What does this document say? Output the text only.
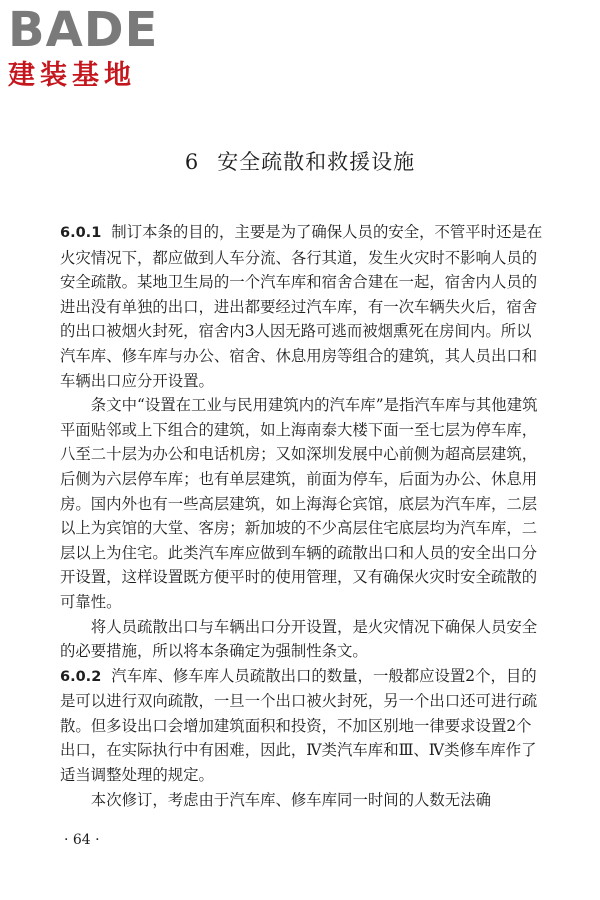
BADE
建装基地
6 安全疏散和救援设施

6.0.1 制订本条的目的，主要是为了确保人员的安全，不管平时还是在火灾情况下，都应做到人车分流、各行其道，发生火灾时不影响人员的安全疏散。某地卫生局的一个汽车库和宿舍合建在一起，宿舍内人员的进出没有单独的出口，进出都要经过汽车库，有一次车辆失火后，宿舍的出口被烟火封死，宿舍内3人因无路可逃而被烟熏死在房间内。所以汽车库、修车库与办公、宿舍、休息用房等组合的建筑，其人员出口和车辆出口应分开设置。

条文中“设置在工业与民用建筑内的汽车库”是指汽车库与其他建筑平面贴邻或上下组合的建筑，如上海南泰大楼下面一至七层为停车库，八至二十层为办公和电话机房；又如深圳发展中心前侧为超高层建筑，后侧为六层停车库；也有单层建筑，前面为停车，后面为办公、休息用房。国内外也有一些高层建筑，如上海海仑宾馆，底层为汽车库，二层以上为宾馆的大堂、客房；新加坡的不少高层住宅底层均为汽车库，二层以上为住宅。此类汽车库应做到车辆的疏散出口和人员的安全出口分开设置，这样设置既方便平时的使用管理，又有确保火灾时安全疏散的可靠性。

将人员疏散出口与车辆出口分开设置，是火灾情况下确保人员安全的必要措施，所以将本条确定为强制性条文。

6.0.2 汽车库、修车库人员疏散出口的数量，一般都应设置2个，目的是可以进行双向疏散，一旦一个出口被火封死，另一个出口还可进行疏散。但多设出口会增加建筑面积和投资，不加区别地一律要求设置2个出口，在实际执行中有困难，因此，Ⅳ类汽车库和Ⅲ、Ⅳ类修车库作了适当调整处理的规定。

本次修订，考虑由于汽车库、修车库同一时间的人数无法确

· 64 ·
